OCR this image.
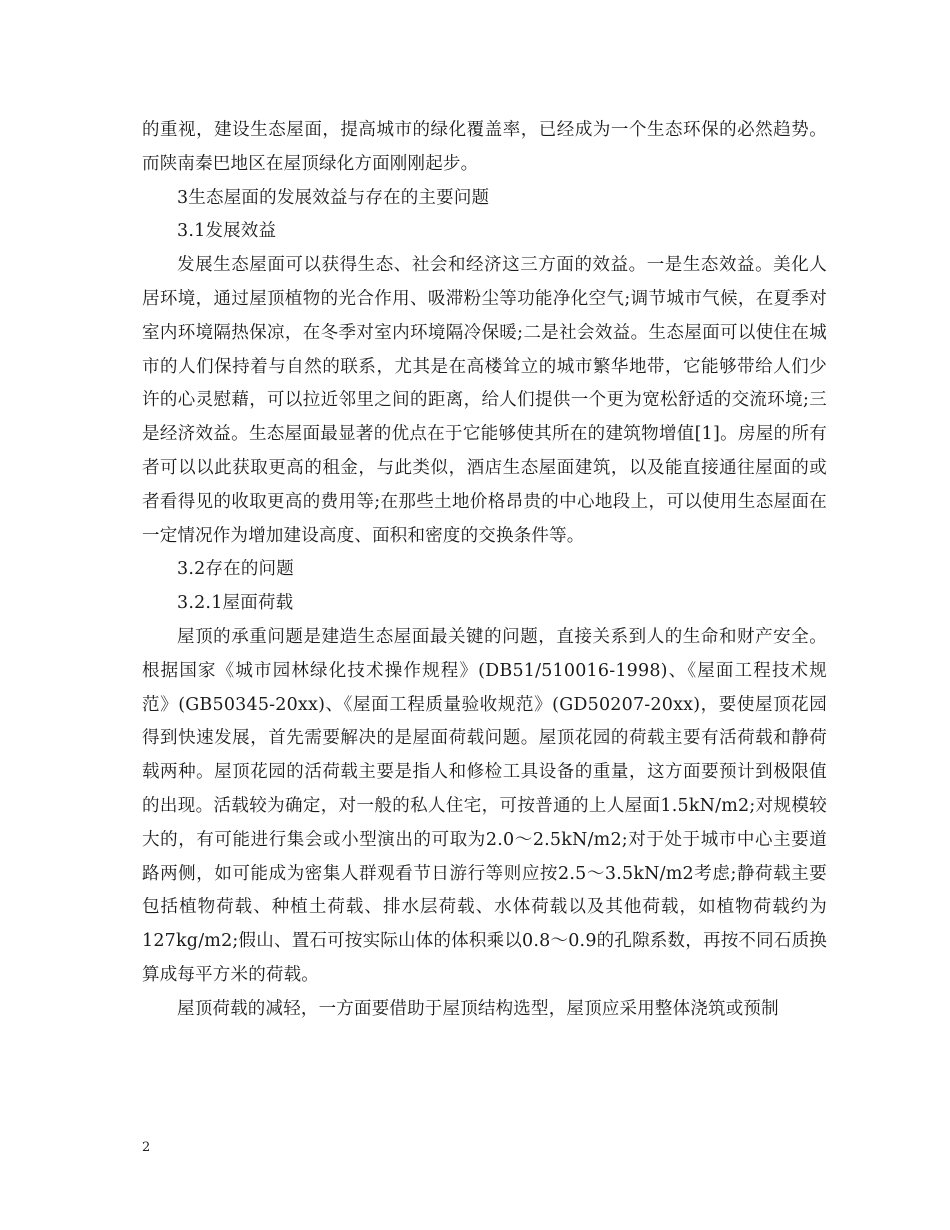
的重视，建设生态屋面，提高城市的绿化覆盖率，已经成为一个生态环保的必然趋势。而陕南秦巴地区在屋顶绿化方面刚刚起步。

3生态屋面的发展效益与存在的主要问题

3.1发展效益

发展生态屋面可以获得生态、社会和经济这三方面的效益。一是生态效益。美化人居环境，通过屋顶植物的光合作用、吸滞粉尘等功能净化空气;调节城市气候，在夏季对室内环境隔热保凉，在冬季对室内环境隔冷保暖;二是社会效益。生态屋面可以使住在城市的人们保持着与自然的联系，尤其是在高楼耸立的城市繁华地带，它能够带给人们少许的心灵慰藉，可以拉近邻里之间的距离，给人们提供一个更为宽松舒适的交流环境;三是经济效益。生态屋面最显著的优点在于它能够使其所在的建筑物增值[1]。房屋的所有者可以以此获取更高的租金，与此类似，酒店生态屋面建筑，以及能直接通往屋面的或者看得见的收取更高的费用等;在那些土地价格昂贵的中心地段上，可以使用生态屋面在一定情况作为增加建设高度、面积和密度的交换条件等。

3.2存在的问题

3.2.1屋面荷载

屋顶的承重问题是建造生态屋面最关键的问题，直接关系到人的生命和财产安全。根据国家《城市园林绿化技术操作规程》(DB51/510016-1998)、《屋面工程技术规范》(GB50345-20xx)、《屋面工程质量验收规范》(GD50207-20xx)，要使屋顶花园得到快速发展，首先需要解决的是屋面荷载问题。屋顶花园的荷载主要有活荷载和静荷载两种。屋顶花园的活荷载主要是指人和修检工具设备的重量，这方面要预计到极限值的出现。活载较为确定，对一般的私人住宅，可按普通的上人屋面1.5kN/m2;对规模较大的，有可能进行集会或小型演出的可取为2.0～2.5kN/m2;对于处于城市中心主要道路两侧，如可能成为密集人群观看节日游行等则应按2.5～3.5kN/m2考虑;静荷载主要包括植物荷载、种植土荷载、排水层荷载、水体荷载以及其他荷载，如植物荷载约为127kg/m2;假山、置石可按实际山体的体积乘以0.8～0.9的孔隙系数，再按不同石质换算成每平方米的荷载。

屋顶荷载的减轻，一方面要借助于屋顶结构选型，屋顶应采用整体浇筑或预制

2
